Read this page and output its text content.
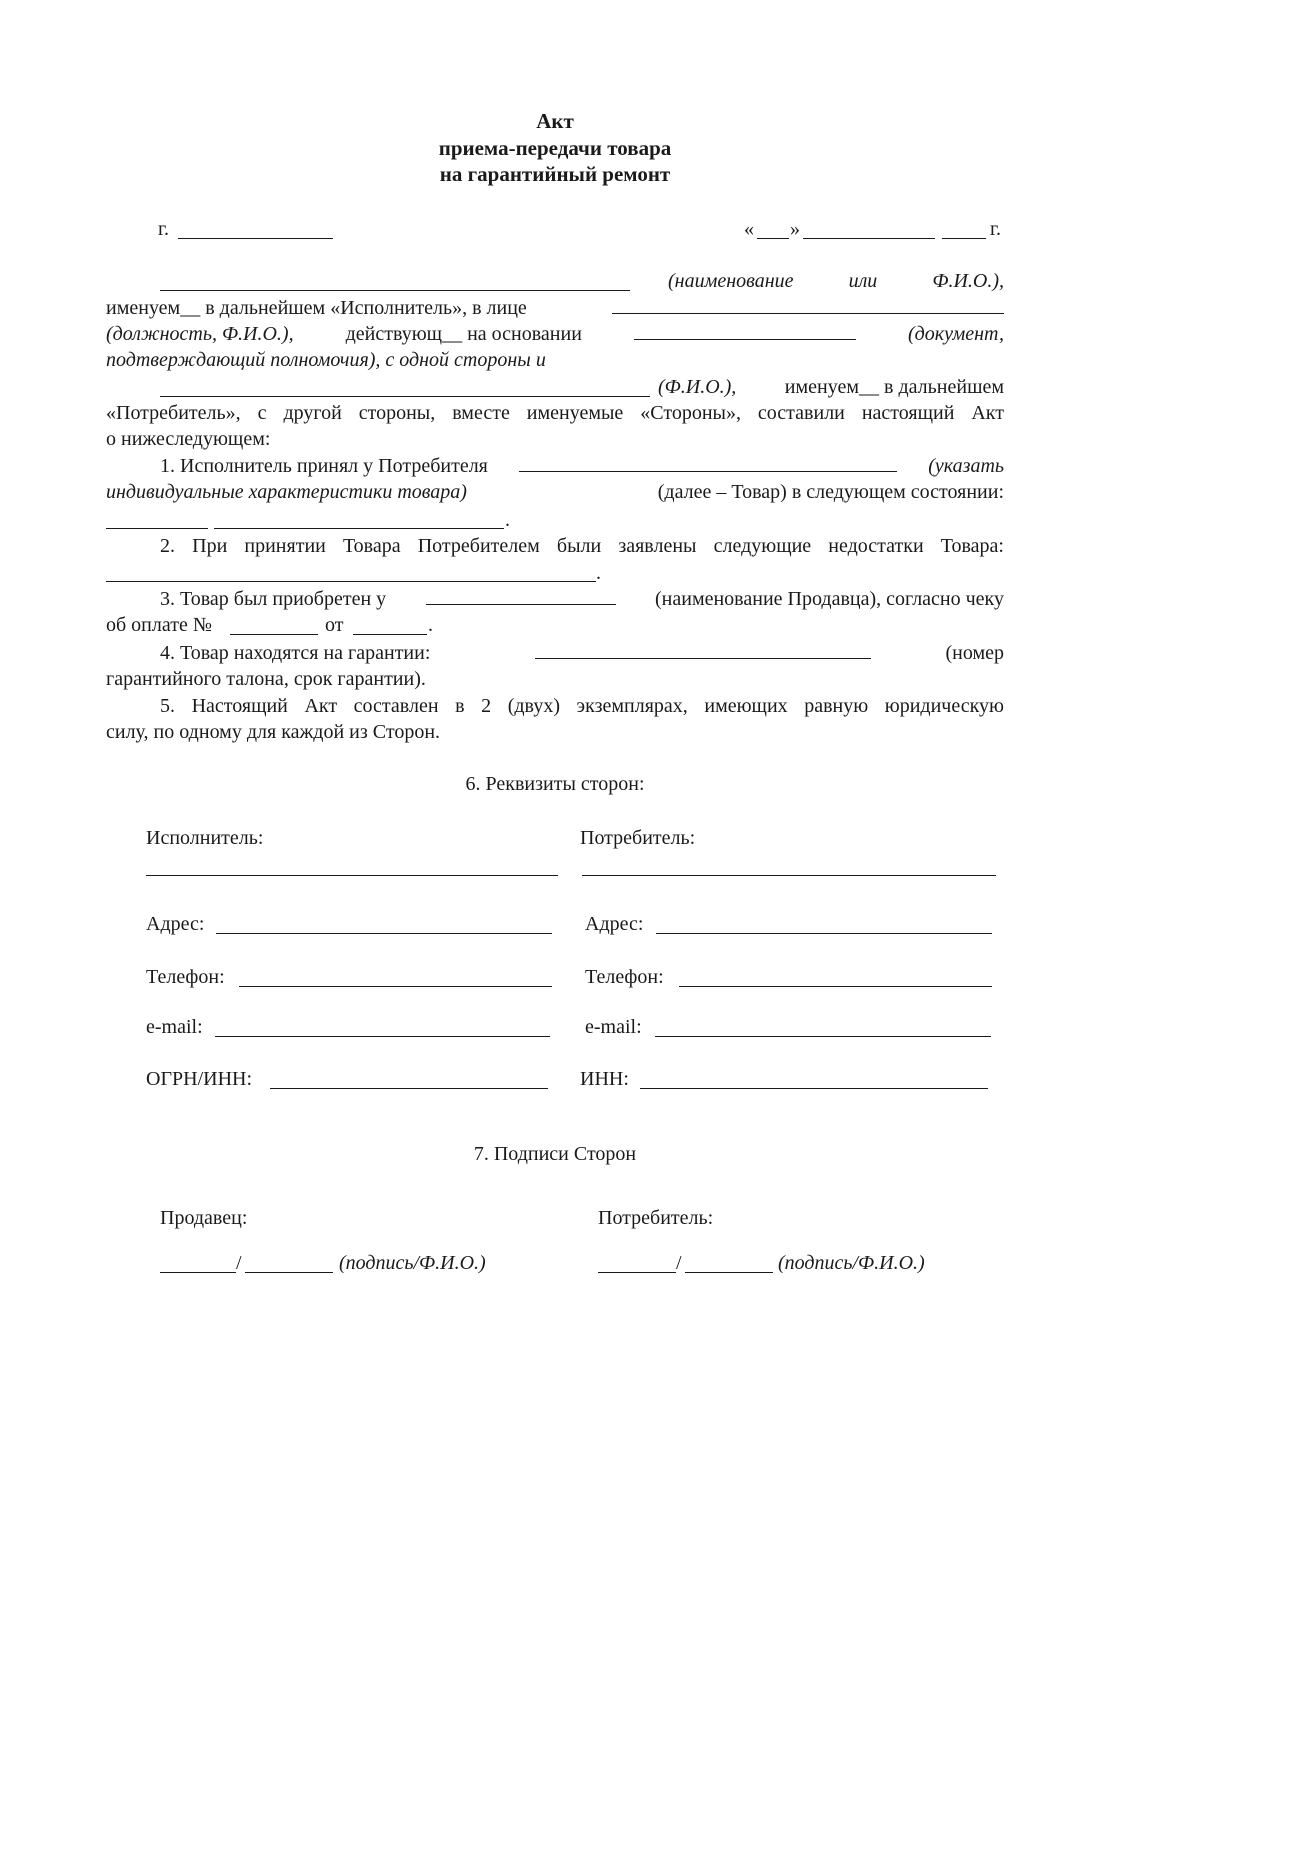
Акт
приема-передачи товара
на гарантийный ремонт
г.	« »	г.
(наименование или Ф.И.О.),
именуем__ в дальнейшем «Исполнитель», в лице
(должность, Ф.И.О.),	действующ__ на основании	(документ,
подтверждающий полномочия), с одной стороны и
(Ф.И.О.), именуем__ в дальнейшем
«Потребитель», с другой стороны, вместе именуемые «Стороны», составили настоящий Акт
о нижеследующем:
1. Исполнитель принял у Потребителя	(указать
индивидуальные характеристики товара)	(далее – Товар) в следующем состоянии:
.
2. При принятии Товара Потребителем были заявлены следующие недостатки Товара:
.
3. Товар был приобретен у	(наименование Продавца), согласно чеку
об оплате №	от	.
4. Товар находятся на гарантии:	(номер
гарантийного талона, срок гарантии).
5. Настоящий Акт составлен в 2 (двух) экземплярах, имеющих равную юридическую
силу, по одному для каждой из Сторон.
6. Реквизиты сторон:
Исполнитель:	Потребитель:
Адрес:	Адрес:
Телефон:	Телефон:
e-mail:	e-mail:
ОГРН/ИНН:	ИНН:
7. Подписи Сторон
Продавец:	Потребитель:
/	(подпись/Ф.И.О.)	/	(подпись/Ф.И.О.)
